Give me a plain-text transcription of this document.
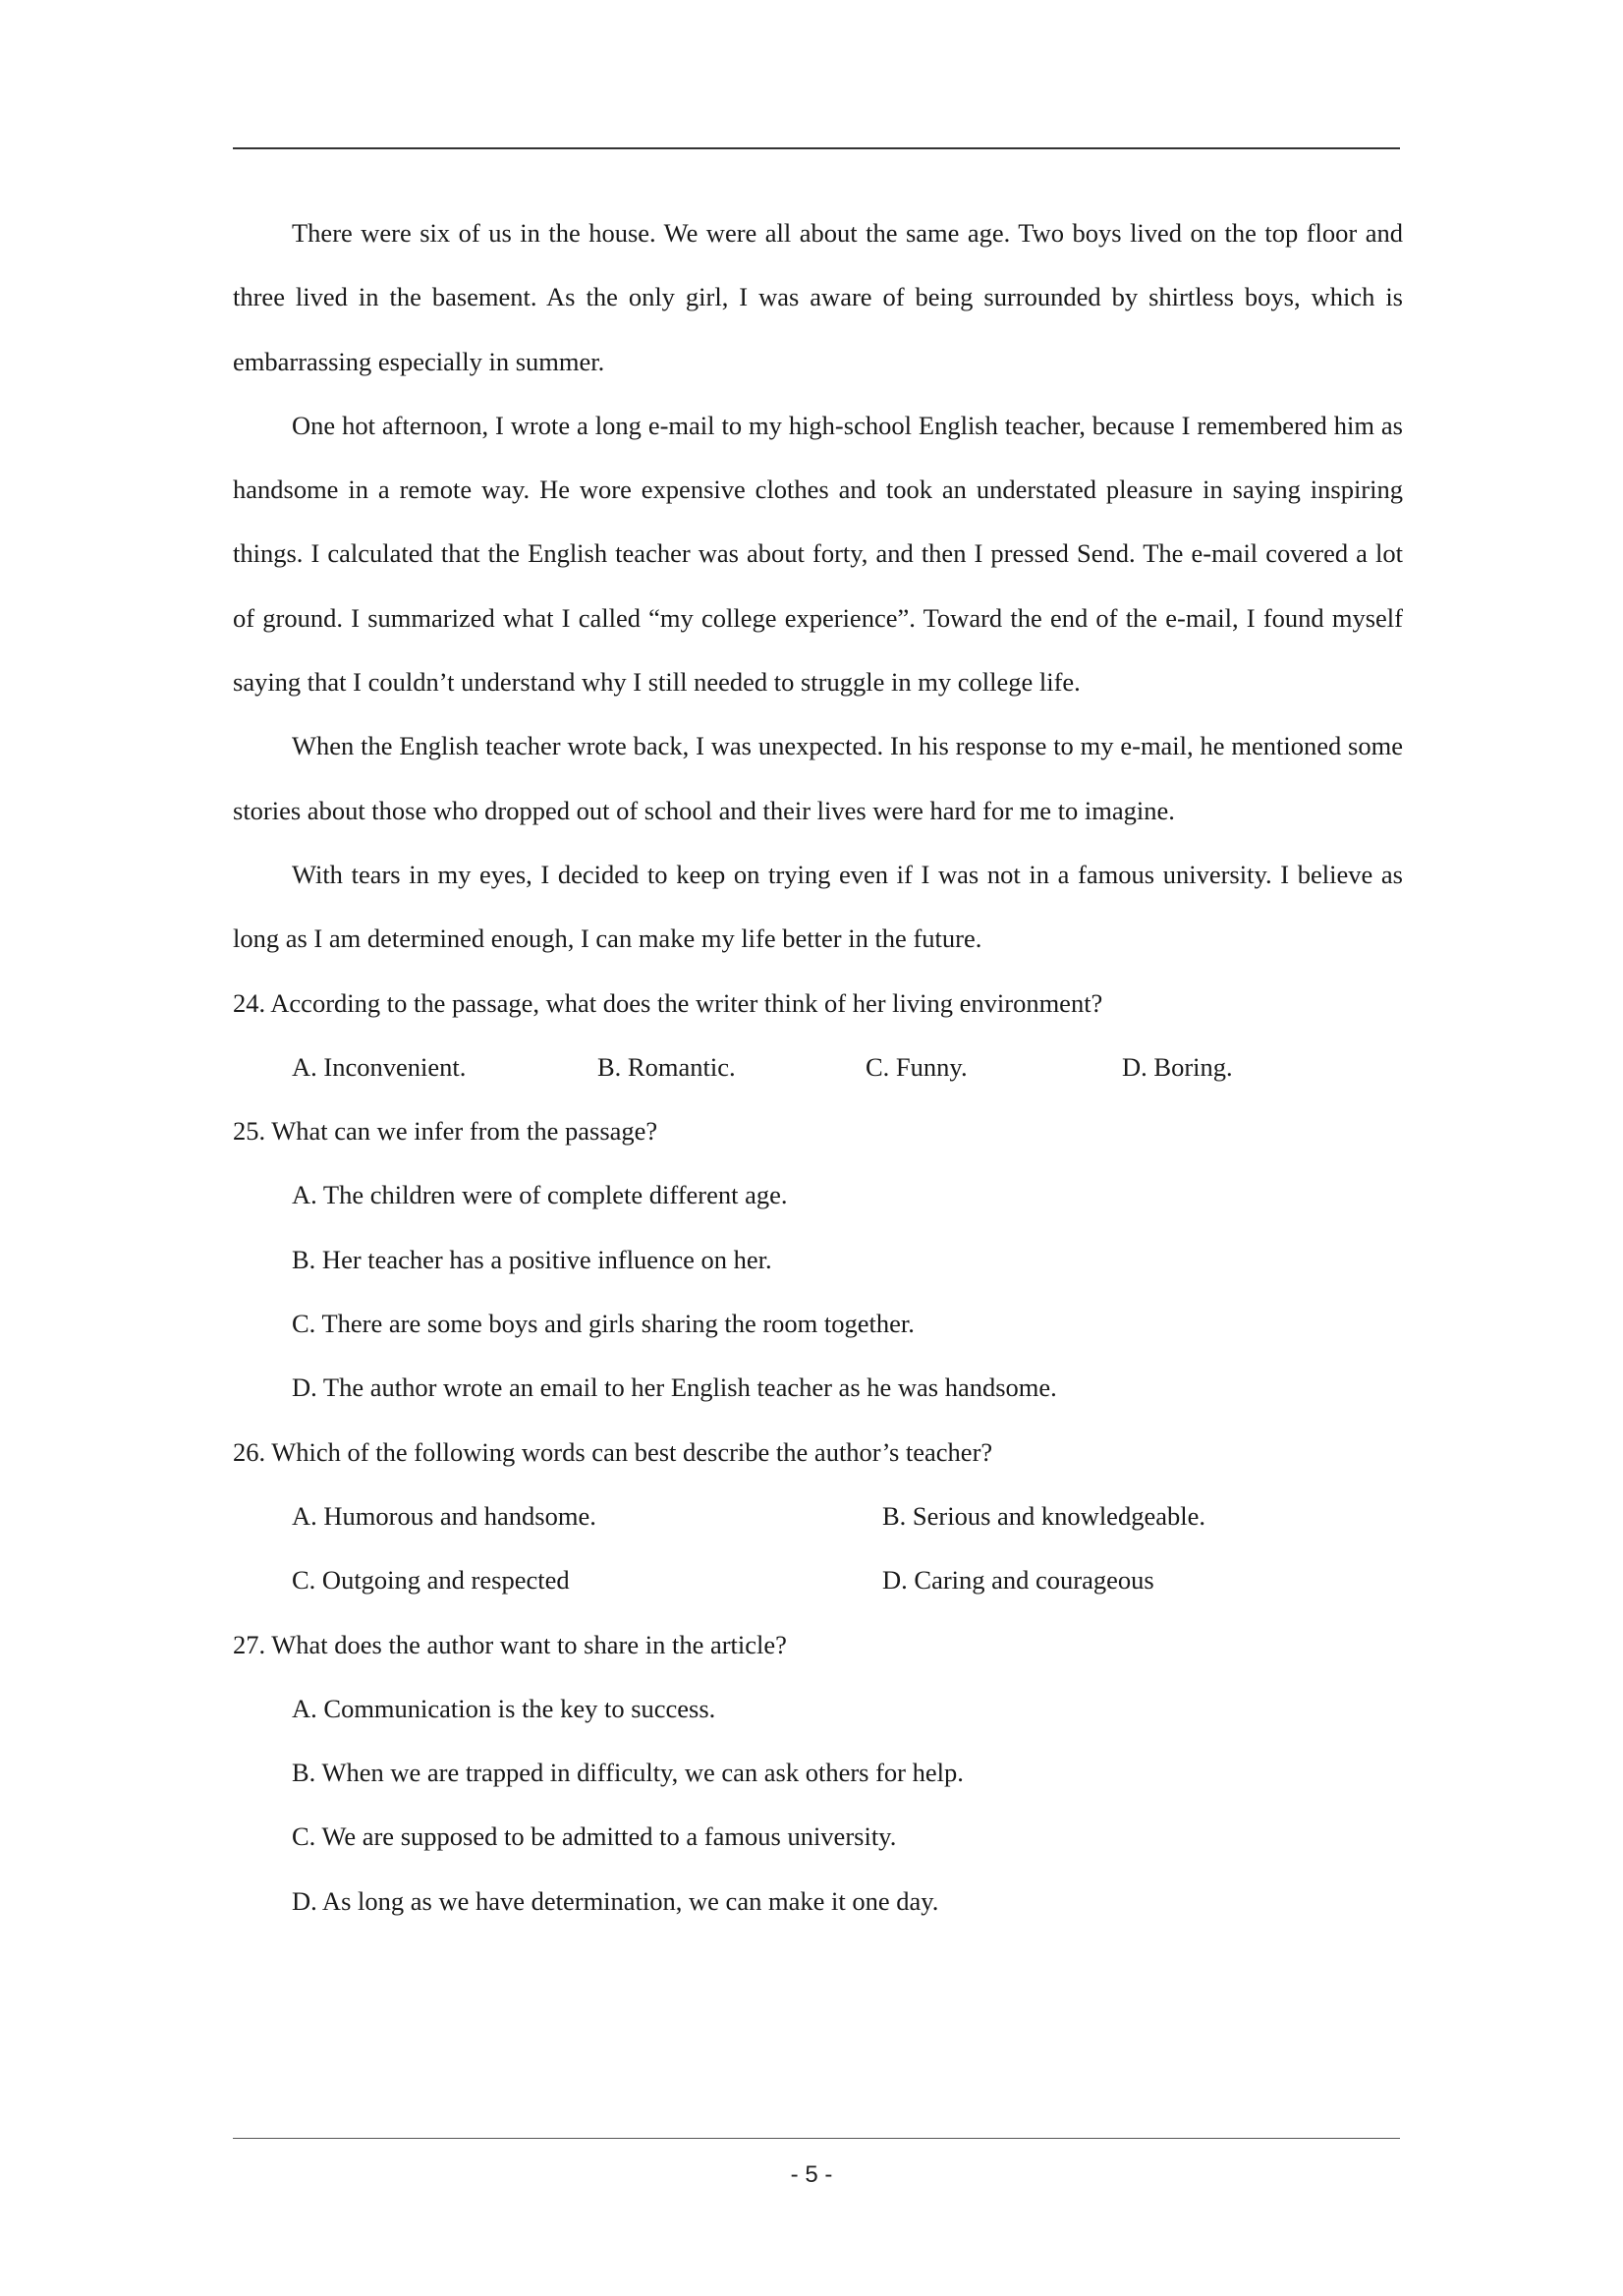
There were six of us in the house. We were all about the same age. Two boys lived on the top floor and three lived in the basement. As the only girl, I was aware of being surrounded by shirtless boys, which is embarrassing especially in summer.

One hot afternoon, I wrote a long e-mail to my high-school English teacher, because I remembered him as handsome in a remote way. He wore expensive clothes and took an understated pleasure in saying inspiring things. I calculated that the English teacher was about forty, and then I pressed Send. The e-mail covered a lot of ground. I summarized what I called “my college experience”. Toward the end of the e-mail, I found myself saying that I couldn’t understand why I still needed to struggle in my college life.

When the English teacher wrote back, I was unexpected. In his response to my e-mail, he mentioned some stories about those who dropped out of school and their lives were hard for me to imagine.

With tears in my eyes, I decided to keep on trying even if I was not in a famous university. I believe as long as I am determined enough, I can make my life better in the future.

24. According to the passage, what does the writer think of her living environment?

A. Inconvenient.	B. Romantic.	C. Funny.	D. Boring.

25. What can we infer from the passage?

A. The children were of complete different age.

B. Her teacher has a positive influence on her.

C. There are some boys and girls sharing the room together.

D. The author wrote an email to her English teacher as he was handsome.

26. Which of the following words can best describe the author’s teacher?

A. Humorous and handsome.	B. Serious and knowledgeable.
C. Outgoing and respected	D. Caring and courageous

27. What does the author want to share in the article?

A. Communication is the key to success.

B. When we are trapped in difficulty, we can ask others for help.

C. We are supposed to be admitted to a famous university.

D. As long as we have determination, we can make it one day.

- 5 -
